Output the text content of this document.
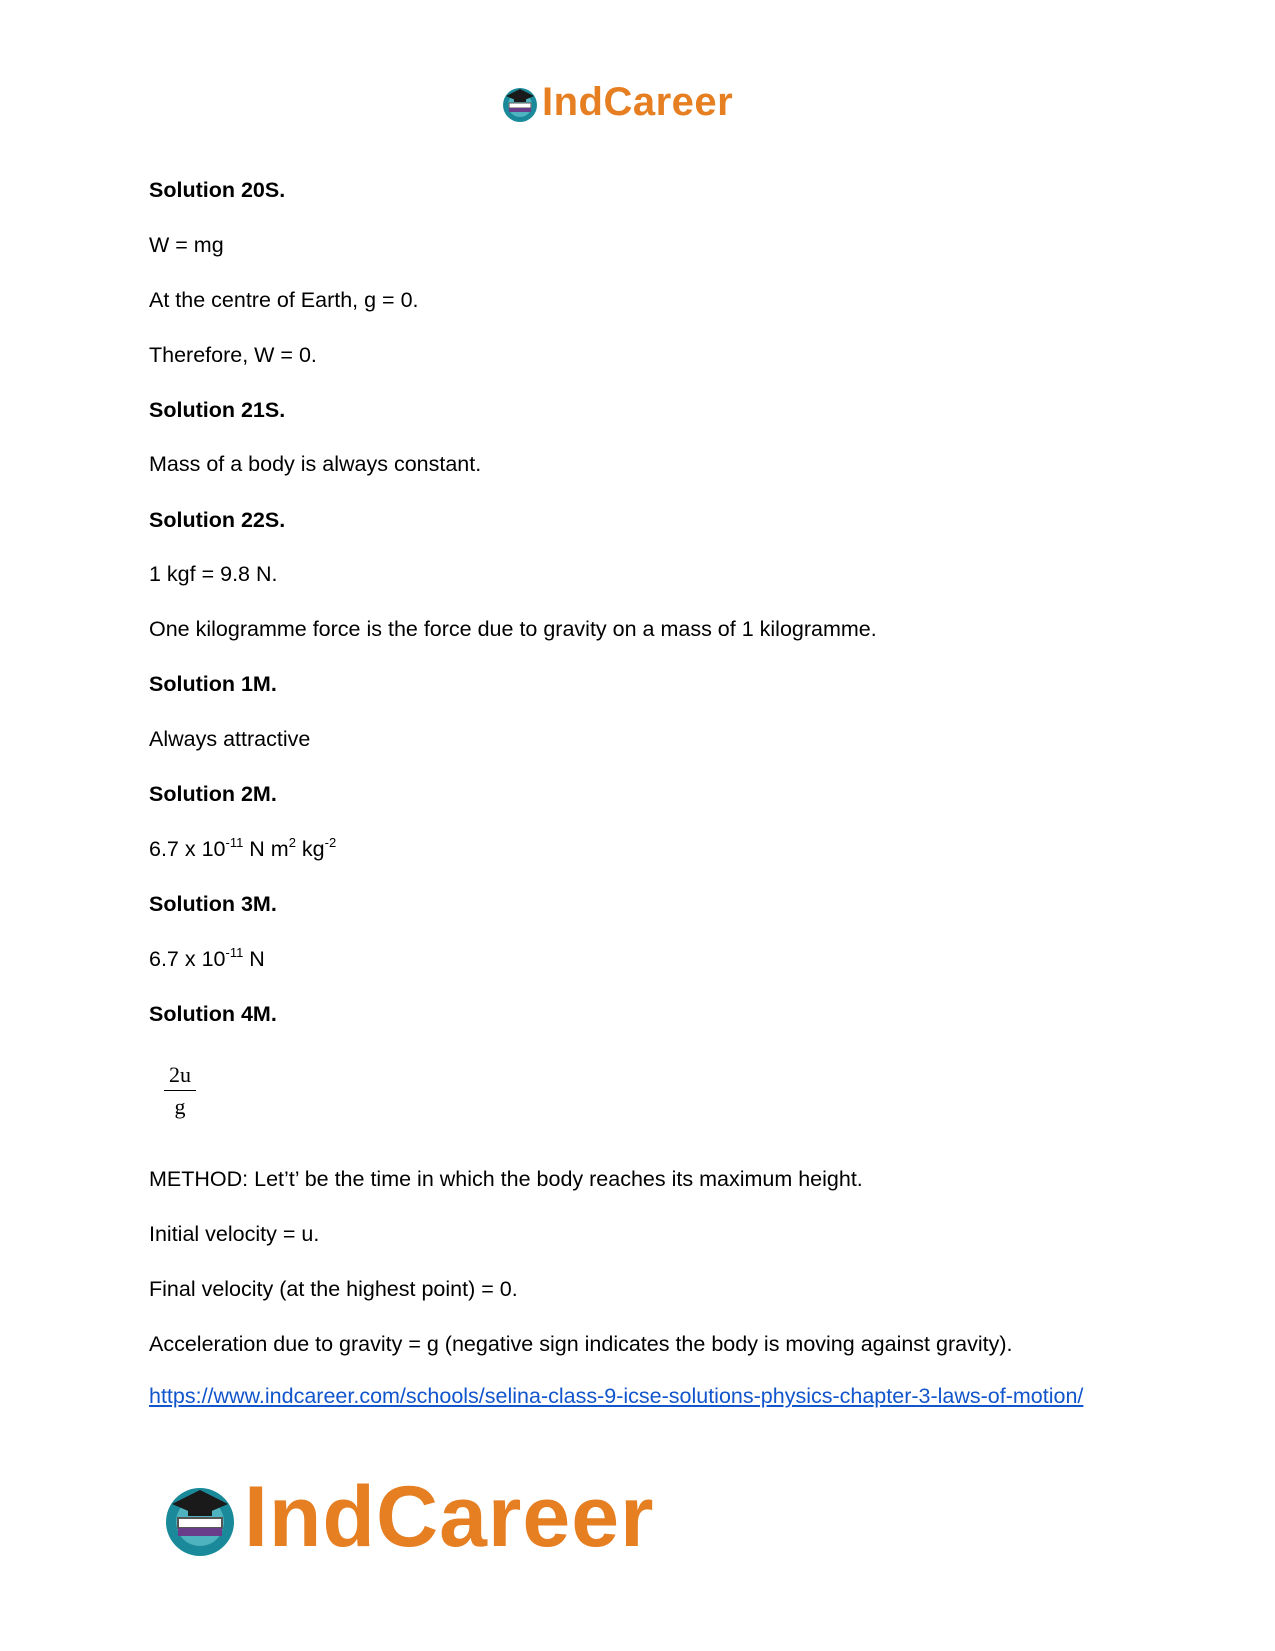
IndCareer
Solution 20S.
W = mg
At the centre of Earth, g = 0.
Therefore, W = 0.
Solution 21S.
Mass of a body is always constant.
Solution 22S.
1 kgf = 9.8 N.
One kilogramme force is the force due to gravity on a mass of 1 kilogramme.
Solution 1M.
Always attractive
Solution 2M.
6.7 x $10^{-11}$ N $m^2$ $kg^{-2}$
Solution 3M.
6.7 x $10^{-11}$ N
Solution 4M.
$\frac{2u}{g}$
METHOD: Let’t’ be the time in which the body reaches its maximum height.
Initial velocity = u.
Final velocity (at the highest point) = 0.
Acceleration due to gravity = g (negative sign indicates the body is moving against gravity).
https://www.indcareer.com/schools/selina-class-9-icse-solutions-physics-chapter-3-laws-of-motion/
IndCareer
